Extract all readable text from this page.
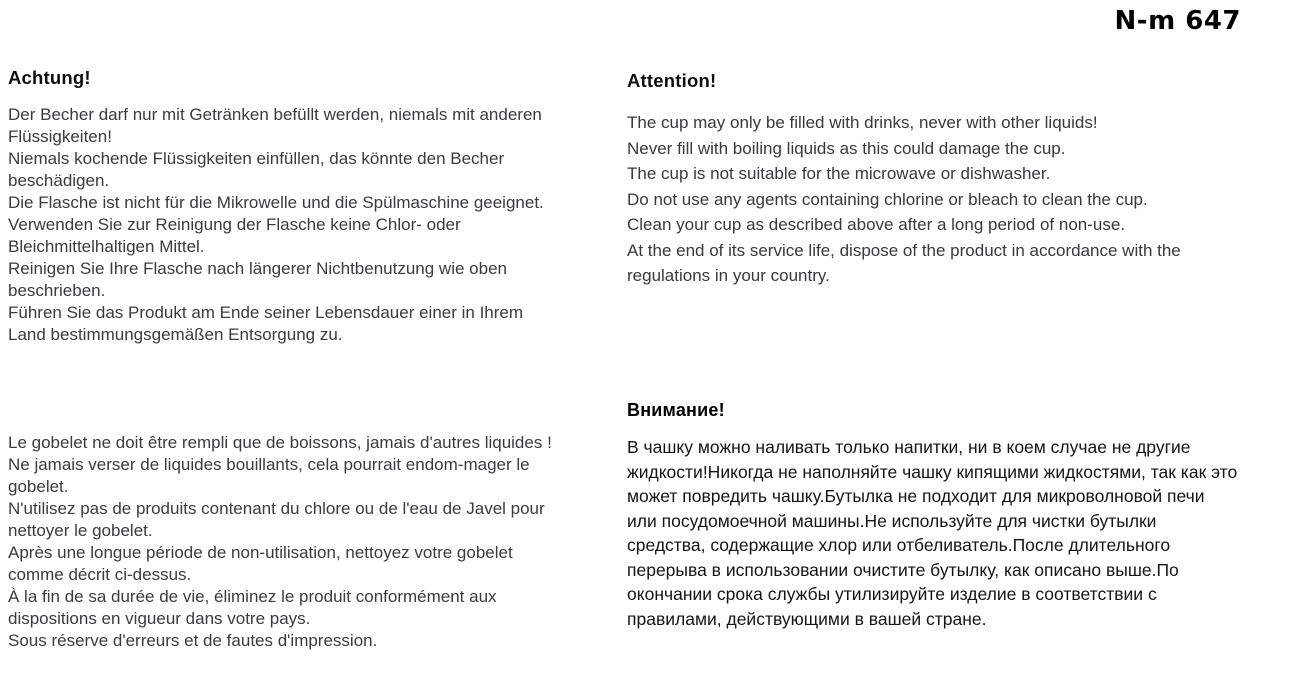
N-m 647
Achtung!

Der Becher darf nur mit Getränken befüllt werden, niemals mit anderen Flüssigkeiten!

Niemals kochende Flüssigkeiten einfüllen, das könnte den Becher beschädigen.

Die Flasche ist nicht für die Mikrowelle und die Spülmaschine geeignet.

Verwenden Sie zur Reinigung der Flasche keine Chlor- oder Bleichmittelhaltigen Mittel.

Reinigen Sie Ihre Flasche nach längerer Nichtbenutzung wie oben beschrieben.

Führen Sie das Produkt am Ende seiner Lebensdauer einer in Ihrem Land bestimmungsgemäßen Entsorgung zu.

Attention!

The cup may only be filled with drinks, never with other liquids!

Never fill with boiling liquids as this could damage the cup.

The cup is not suitable for the microwave or dishwasher.

Do not use any agents containing chlorine or bleach to clean the cup.

Clean your cup as described above after a long period of non-use.

At the end of its service life, dispose of the product in accordance with the regulations in your country.

Le gobelet ne doit être rempli que de boissons, jamais d'autres liquides !

Ne jamais verser de liquides bouillants, cela pourrait endom-mager le gobelet.

N'utilisez pas de produits contenant du chlore ou de l'eau de Javel pour nettoyer le gobelet.

Après une longue période de non-utilisation, nettoyez votre gobelet comme décrit ci-dessus.

À la fin de sa durée de vie, éliminez le produit conformément aux dispositions en vigueur dans votre pays.

Sous réserve d'erreurs et de fautes d'impression.

Внимание!

В чашку можно наливать только напитки, ни в коем случае не другие жидкости!Никогда не наполняйте чашку кипящими жидкостями, так как это может повредить чашку.Бутылка не подходит для микроволновой печи или посудомоечной машины.Не используйте для чистки бутылки средства, содержащие хлор или отбеливатель.После длительного перерыва в использовании очистите бутылку, как описано выше.По окончании срока службы утилизируйте изделие в соответствии с правилами, действующими в вашей стране.
